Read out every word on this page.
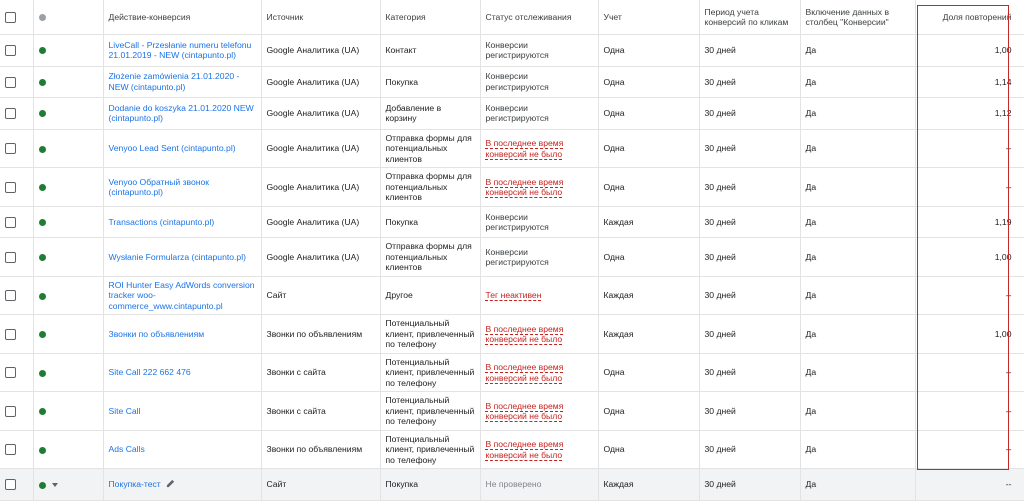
		Действие-конверсия	Источник	Категория	Статус отслеживания	Учет	Период учета конверсий по кликам	Включение данных в столбец "Конверсии"	Доля повторений
		LiveCall - Przesłanie numeru telefonu 21.01.2019 - NEW (cintapunto.pl)	Google Аналитика (UA)	Контакт	Конверсии регистрируются	Одна	30 дней	Да	1,00
		Złożenie zamówienia 21.01.2020 - NEW (cintapunto.pl)	Google Аналитика (UA)	Покупка	Конверсии регистрируются	Одна	30 дней	Да	1,14
		Dodanie do koszyka 21.01.2020 NEW (cintapunto.pl)	Google Аналитика (UA)	Добавление в корзину	Конверсии регистрируются	Одна	30 дней	Да	1,12
		Venyoo Lead Sent (cintapunto.pl)	Google Аналитика (UA)	Отправка формы для потенциальных клиентов	В последнее время конверсий не было	Одна	30 дней	Да	--
		Venyoo Обратный звонок (cintapunto.pl)	Google Аналитика (UA)	Отправка формы для потенциальных клиентов	В последнее время конверсий не было	Одна	30 дней	Да	--
		Transactions (cintapunto.pl)	Google Аналитика (UA)	Покупка	Конверсии регистрируются	Каждая	30 дней	Да	1,19
		Wysłanie Formularza (cintapunto.pl)	Google Аналитика (UA)	Отправка формы для потенциальных клиентов	Конверсии регистрируются	Одна	30 дней	Да	1,00
		ROI Hunter Easy AdWords conversion tracker woo-commerce_www.cintapunto.pl	Сайт	Другое	Тег неактивен	Каждая	30 дней	Да	--
		Звонки по объявлениям	Звонки по объявлениям	Потенциальный клиент, привлеченный по телефону	В последнее время конверсий не было	Каждая	30 дней	Да	1,00
		Site Call 222 662 476	Звонки с сайта	Потенциальный клиент, привлеченный по телефону	В последнее время конверсий не было	Одна	30 дней	Да	--
		Site Call	Звонки с сайта	Потенциальный клиент, привлеченный по телефону	В последнее время конверсий не было	Одна	30 дней	Да	--
		Ads Calls	Звонки по объявлениям	Потенциальный клиент, привлеченный по телефону	В последнее время конверсий не было	Одна	30 дней	Да	--
		Покупка-тест	Сайт	Покупка	Не проверено	Каждая	30 дней	Да	--
